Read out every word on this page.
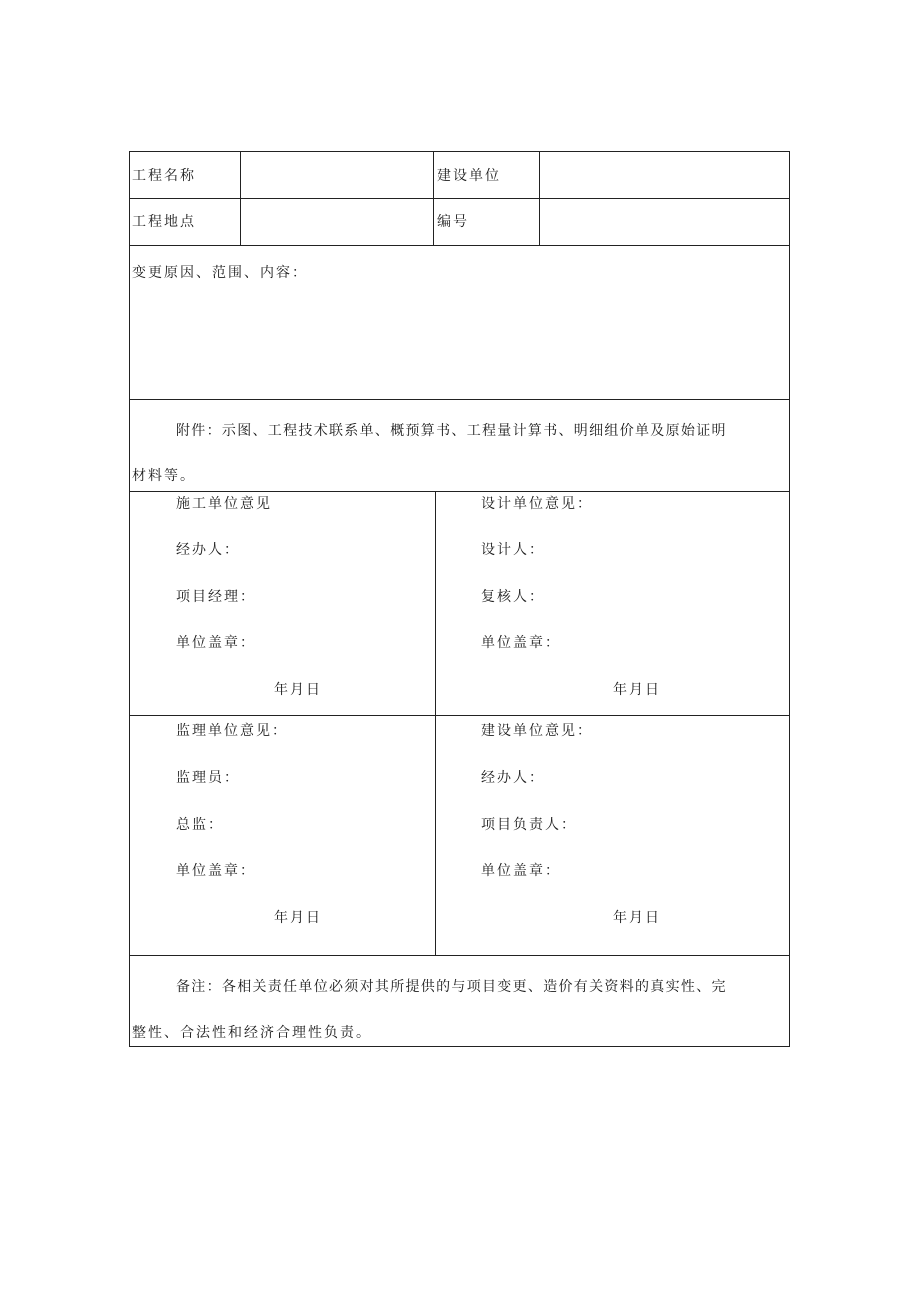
工程名称	建设单位
工程地点	编号
变更原因、范围、内容：
附件：示图、工程技术联系单、概预算书、工程量计算书、明细组价单及原始证明
材料等。
施工单位意见
经办人：
项目经理：
单位盖章：
年月日
设计单位意见：
设计人：
复核人：
单位盖章：
年月日
监理单位意见：
监理员：
总监：
单位盖章：
年月日
建设单位意见：
经办人：
项目负责人：
单位盖章：
年月日
备注：各相关责任单位必须对其所提供的与项目变更、造价有关资料的真实性、完
整性、合法性和经济合理性负责。
